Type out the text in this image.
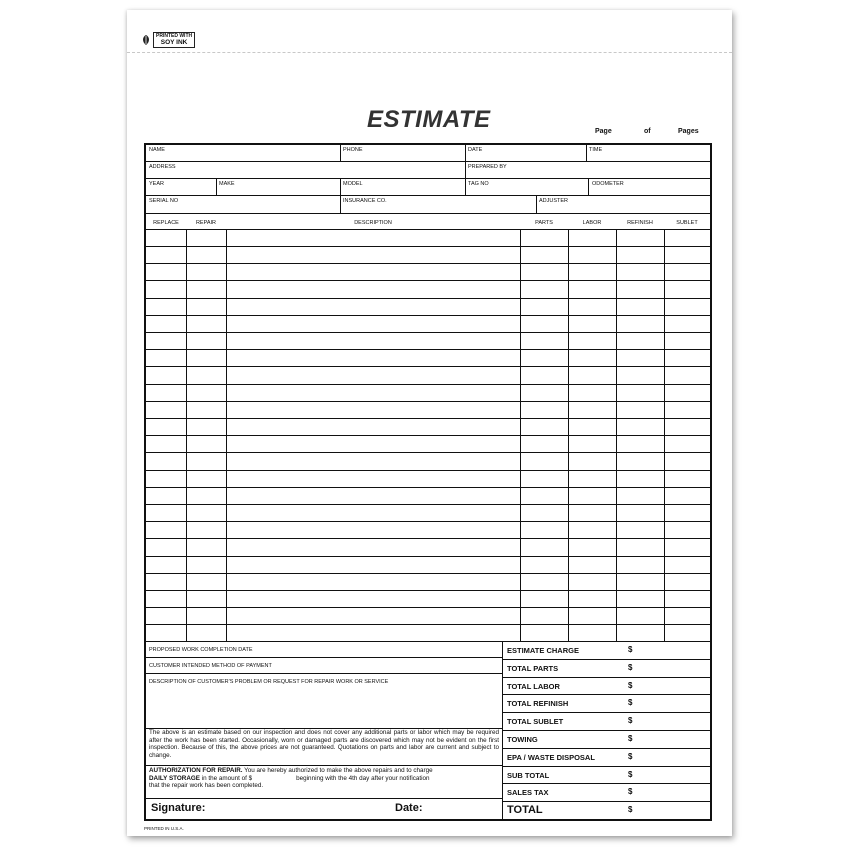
PRINTED WITH
SOY INK
ESTIMATE	Page	of	Pages
NAME	PHONE	DATE	TIME
ADDRESS	PREPARED BY
YEAR	MAKE	MODEL	TAG NO	ODOMETER
SERIAL NO	INSURANCE CO.	ADJUSTER
REPLACE	REPAIR	DESCRIPTION	PARTS	LABOR	REFINISH	SUBLET
PROPOSED WORK COMPLETION DATE
CUSTOMER INTENDED METHOD OF PAYMENT
DESCRIPTION OF CUSTOMER'S PROBLEM OR REQUEST FOR REPAIR WORK OR SERVICE
The above is an estimate based on our inspection and does not cover any additional parts or labor which may be required after the work has been started. Occasionally, worn or damaged parts are discovered which may not be evident on the first inspection. Because of this, the above prices are not guaranteed. Quotations on parts and labor are current and subject to change.
AUTHORIZATION FOR REPAIR. You are hereby authorized to make the above repairs and to charge
DAILY STORAGE in the amount of $	beginning with the 4th day after your notification
that the repair work has been completed.
Signature:	Date:
ESTIMATE CHARGE	$
TOTAL PARTS	$
TOTAL LABOR	$
TOTAL REFINISH	$
TOTAL SUBLET	$
TOWING	$
EPA / WASTE DISPOSAL	$
SUB TOTAL	$
SALES TAX	$
TOTAL	$
PRINTED IN U.S.A.
